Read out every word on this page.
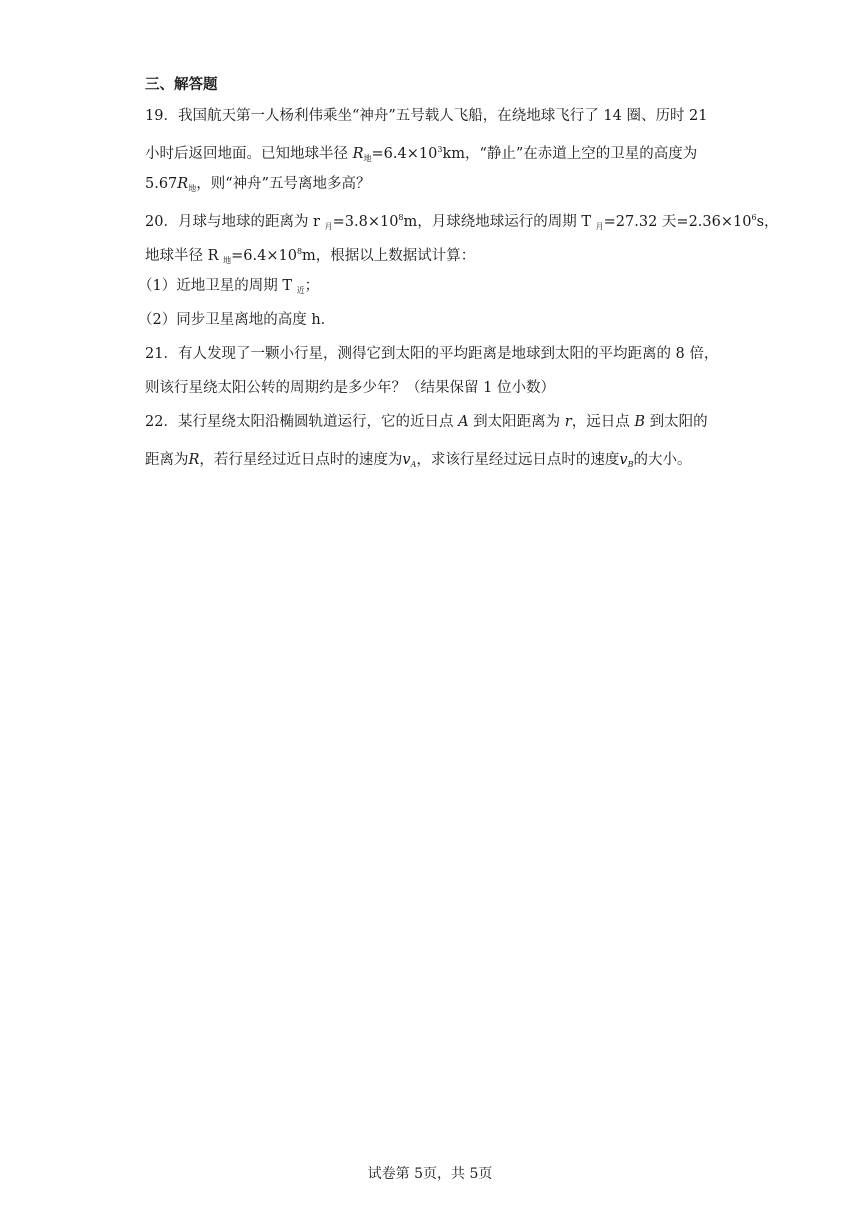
三、解答题
19．我国航天第一人杨利伟乘坐“神舟”五号载人飞船，在绕地球飞行了 14 圈、历时 21
小时后返回地面。已知地球半径 $R_地=6.4\times 10^3km$，“静止”在赤道上空的卫星的高度为
$5.67R_地$，则“神舟”五号离地多高？
20．月球与地球的距离为 r $_月=3.8\times 10^8m$，月球绕地球运行的周期 T $_月$=27.32 天$=2.36\times 10^6s$，
地球半径 R $_地=6.4\times 10^8m$，根据以上数据试计算：
（1）近地卫星的周期 T $_近$；
（2）同步卫星离地的高度 h．
21．有人发现了一颗小行星，测得它到太阳的平均距离是地球到太阳的平均距离的 8 倍，
则该行星绕太阳公转的周期约是多少年？（结果保留 1 位小数）
22．某行星绕太阳沿椭圆轨道运行，它的近日点 A 到太阳距离为 r，远日点 B 到太阳的
距离为R，若行星经过近日点时的速度为$v_A$，求该行星经过远日点时的速度$v_B$的大小。
试卷第 5页，共 5页
